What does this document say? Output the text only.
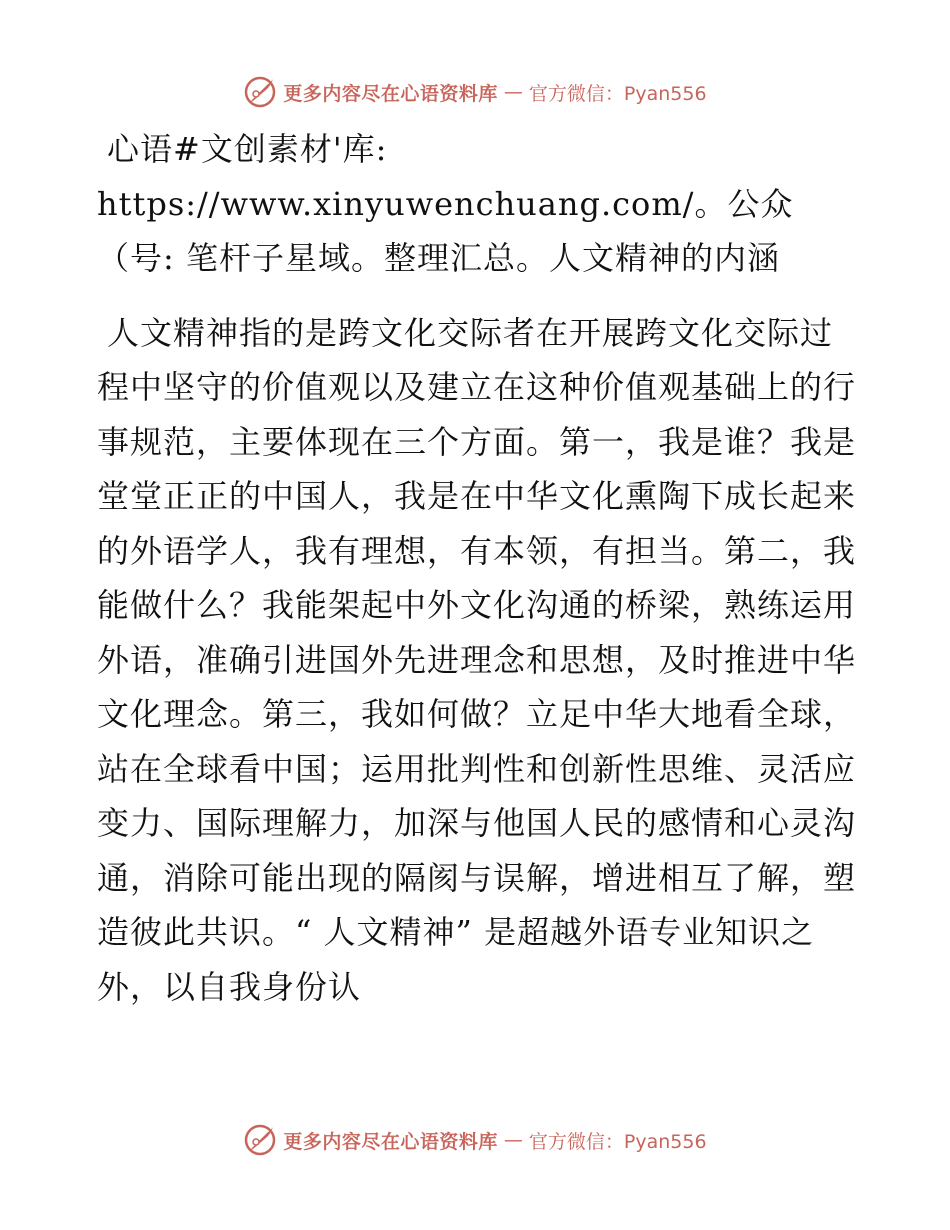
更多内容尽在心语资料库 — 官方微信：Pyan556

心语#文创素材'库: https://www.xinyuwenchuang.com/。公众（号: 笔杆子星域。整理汇总。人文精神的内涵

人文精神指的是跨文化交际者在开展跨文化交际过程中坚守的价值观以及建立在这种价值观基础上的行事规范，主要体现在三个方面。第一，我是谁？我是堂堂正正的中国人，我是在中华文化熏陶下成长起来的外语学人，我有理想，有本领，有担当。第二，我能做什么？我能架起中外文化沟通的桥梁，熟练运用外语，准确引进国外先进理念和思想，及时推进中华文化理念。第三，我如何做？立足中华大地看全球，站在全球看中国；运用批判性和创新性思维、灵活应变力、国际理解力，加深与他国人民的感情和心灵沟通，消除可能出现的隔阂与误解，增进相互了解，塑造彼此共识。“ 人文精神” 是超越外语专业知识之外，以自我身份认

更多内容尽在心语资料库 — 官方微信：Pyan556
